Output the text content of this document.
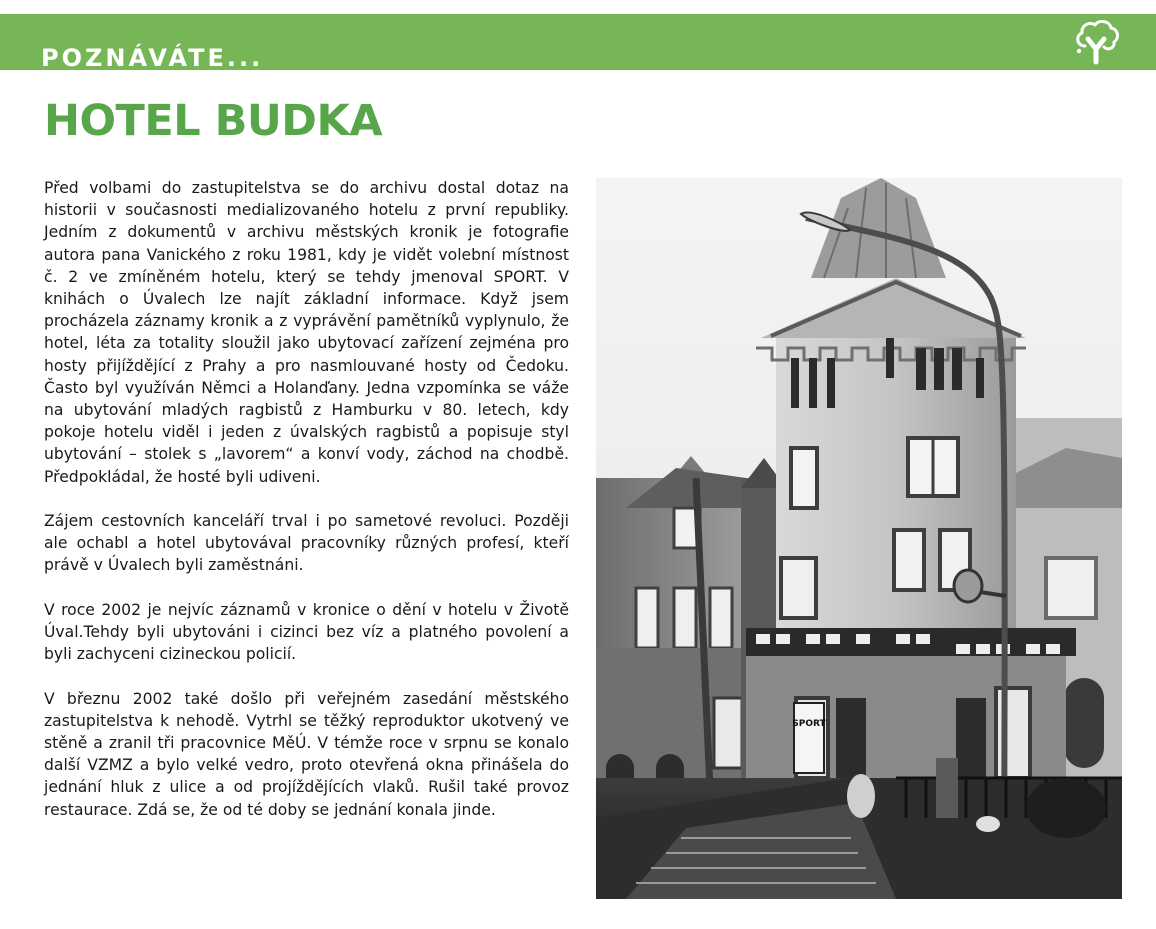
POZNÁVÁTE...
HOTEL BUDKA

Před volbami do zastupitelstva se do archivu dostal dotaz na historii v současnosti medializovaného hotelu z první republiky. Jedním z dokumentů v archivu městských kronik je fotografie autora pana Vanického z roku 1981, kdy je vidět volební místnost č. 2 ve zmíněném hotelu, který se tehdy jmenoval SPORT. V knihách o Úvalech lze najít základní informace. Když jsem procházela záznamy kronik a z vyprávění pamětníků vyplynulo, že hotel, léta za totality sloužil jako ubytovací zařízení zejména pro hosty přijíždějící z Prahy a pro nasmlouvané hosty od Čedoku. Často byl využíván Němci a Holanďany. Jedna vzpomínka se váže na ubytování mladých ragbistů z Hamburku v 80. letech, kdy pokoje hotelu viděl i jeden z úvalských ragbistů a popisuje styl ubytování – stolek s „lavorem“ a konví vody, záchod na chodbě. Předpokládal, že hosté byli udiveni.

Zájem cestovních kanceláří trval i po sametové revoluci. Později ale ochabl a hotel ubytovával pracovníky různých profesí, kteří právě v Úvalech byli zaměstnáni.

V roce 2002 je nejvíc záznamů v kronice o dění v hotelu v Životě Úval.Tehdy byli ubytováni i cizinci bez víz a platného povolení a byli zachyceni cizineckou policií.

V březnu 2002 také došlo při veřejném zasedání městského zastupitelstva k nehodě. Vytrhl se těžký reproduktor ukotvený ve stěně a zranil tři pracovnice MěÚ. V témže roce v srpnu se konalo další VZMZ a bylo velké vedro, proto otevřená okna přinášela do jednání hluk z ulice a od projíždějících vlaků. Rušil také provoz restaurace. Zdá se, že od té doby se jednání konala jinde.

SPORT
